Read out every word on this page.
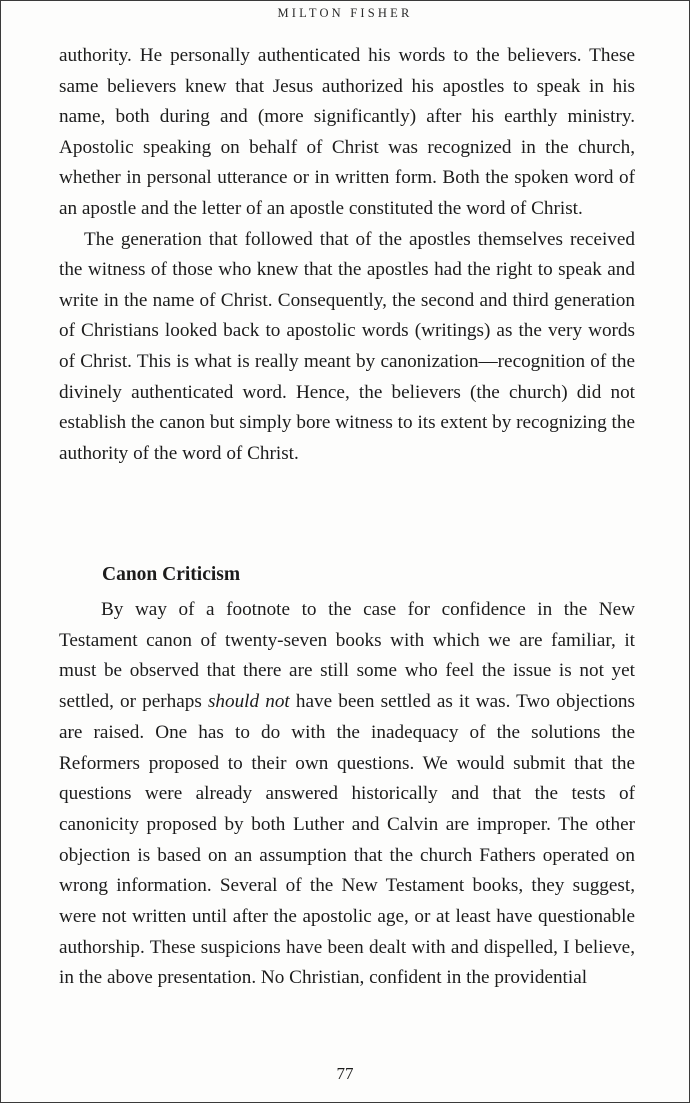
MILTON FISHER

authority. He personally authenticated his words to the believers. These same believers knew that Jesus authorized his apostles to speak in his name, both during and (more significantly) after his earthly ministry. Apostolic speaking on behalf of Christ was recognized in the church, whether in personal utterance or in written form. Both the spoken word of an apostle and the letter of an apostle constituted the word of Christ.

The generation that followed that of the apostles themselves received the witness of those who knew that the apostles had the right to speak and write in the name of Christ. Consequently, the second and third generation of Christians looked back to apostolic words (writings) as the very words of Christ. This is what is really meant by canonization—recognition of the divinely authenticated word. Hence, the believers (the church) did not establish the canon but simply bore witness to its extent by recognizing the authority of the word of Christ.

Canon Criticism

By way of a footnote to the case for confidence in the New Testament canon of twenty-seven books with which we are familiar, it must be observed that there are still some who feel the issue is not yet settled, or perhaps should not have been settled as it was. Two objections are raised. One has to do with the inadequacy of the solutions the Reformers proposed to their own questions. We would submit that the questions were already answered historically and that the tests of canonicity proposed by both Luther and Calvin are improper. The other objection is based on an assumption that the church Fathers operated on wrong information. Several of the New Testament books, they suggest, were not written until after the apostolic age, or at least have questionable authorship. These suspicions have been dealt with and dispelled, I believe, in the above presentation. No Christian, confident in the providential

77
